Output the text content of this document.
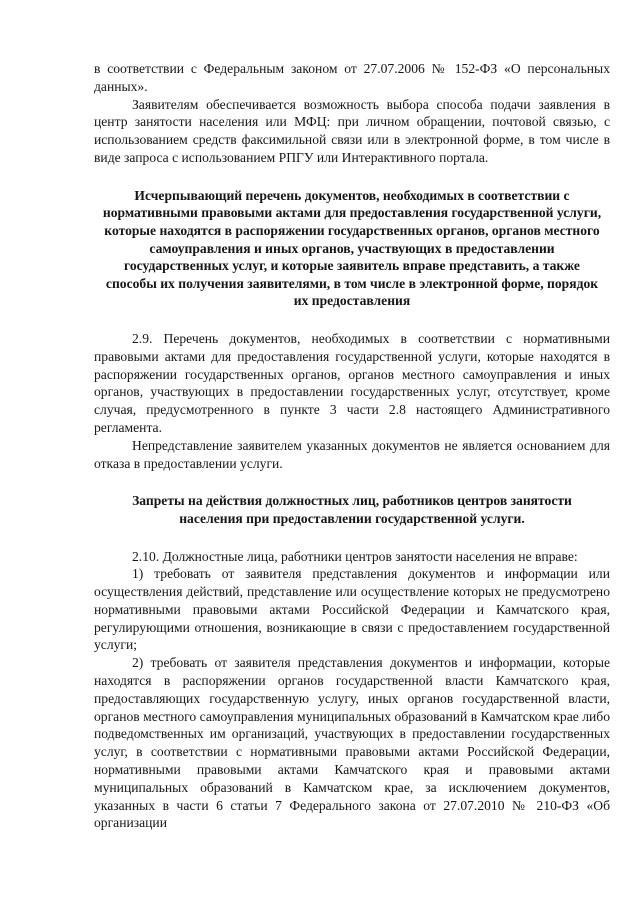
в соответствии с Федеральным законом от 27.07.2006 № 152-ФЗ «О персональных данных».

Заявителям обеспечивается возможность выбора способа подачи заявления в центр занятости населения или МФЦ: при личном обращении, почтовой связью, с использованием средств факсимильной связи или в электронной форме, в том числе в виде запроса с использованием РПГУ или Интерактивного портала.

Исчерпывающий перечень документов, необходимых в соответствии с нормативными правовыми актами для предоставления государственной услуги, которые находятся в распоряжении государственных органов, органов местного самоуправления и иных органов, участвующих в предоставлении государственных услуг, и которые заявитель вправе представить, а также способы их получения заявителями, в том числе в электронной форме, порядок их предоставления

2.9. Перечень документов, необходимых в соответствии с нормативными правовыми актами для предоставления государственной услуги, которые находятся в распоряжении государственных органов, органов местного самоуправления и иных органов, участвующих в предоставлении государственных услуг, отсутствует, кроме случая, предусмотренного в пункте 3 части 2.8 настоящего Административного регламента.

Непредставление заявителем указанных документов не является основанием для отказа в предоставлении услуги.

Запреты на действия должностных лиц, работников центров занятости населения при предоставлении государственной услуги.

2.10. Должностные лица, работники центров занятости населения не вправе:

1) требовать от заявителя представления документов и информации или осуществления действий, представление или осуществление которых не предусмотрено нормативными правовыми актами Российской Федерации и Камчатского края, регулирующими отношения, возникающие в связи с предоставлением государственной услуги;

2) требовать от заявителя представления документов и информации, которые находятся в распоряжении органов государственной власти Камчатского края, предоставляющих государственную услугу, иных органов государственной власти, органов местного самоуправления муниципальных образований в Камчатском крае либо подведомственных им организаций, участвующих в предоставлении государственных услуг, в соответствии с нормативными правовыми актами Российской Федерации, нормативными правовыми актами Камчатского края и правовыми актами муниципальных образований в Камчатском крае, за исключением документов, указанных в части 6 статьи 7 Федерального закона от 27.07.2010 № 210-ФЗ «Об организации
